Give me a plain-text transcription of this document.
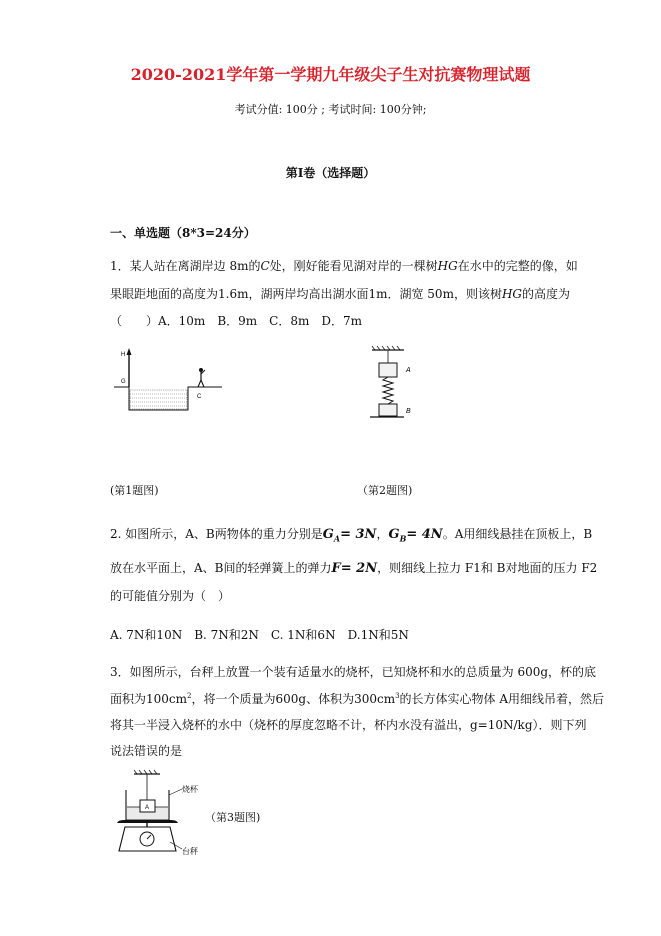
2020-2021学年第一学期九年级尖子生对抗赛物理试题
考试分值: 100分 ; 考试时间: 100分钟;
第Ⅰ卷（选择题）
一、单选题（8*3=24分）
1．某人站在离湖岸边 8m的C处，刚好能看见湖对岸的一棵树HG在水中的完整的像，如
果眼距地面的高度为1.6m，湖两岸均高出湖水面1m．湖宽 50m，则该树HG的高度为
（　　）A．10m　B．9m　C．8m　D．7m
H
G
C
A
B
(第1题图)	（第2题图)
2. 如图所示，A、B两物体的重力分别是$G_A= 3N$，$G_B= 4N$。A用细线悬挂在顶板上，B
放在水平面上，A、B间的轻弹簧上的弹力F= 2N，则细线上拉力 F1和 B对地面的压力 F2
的可能值分别为（　）
A. 7N和10N　B. 7N和2N　C. 1N和6N　D.1N和5N
3．如图所示，台秤上放置一个装有适量水的烧杯，已知烧杯和水的总质量为 600g，杯的底
面积为$100cm^2$，将一个质量为600g、体积为$300cm^3$的长方体实心物体 A用细线吊着，然后
将其一半浸入烧杯的水中（烧杯的厚度忽略不计，杯内水没有溢出，g=10N/kg）．则下列
说法错误的是
A
烧杯
台秤
（第3题图)
